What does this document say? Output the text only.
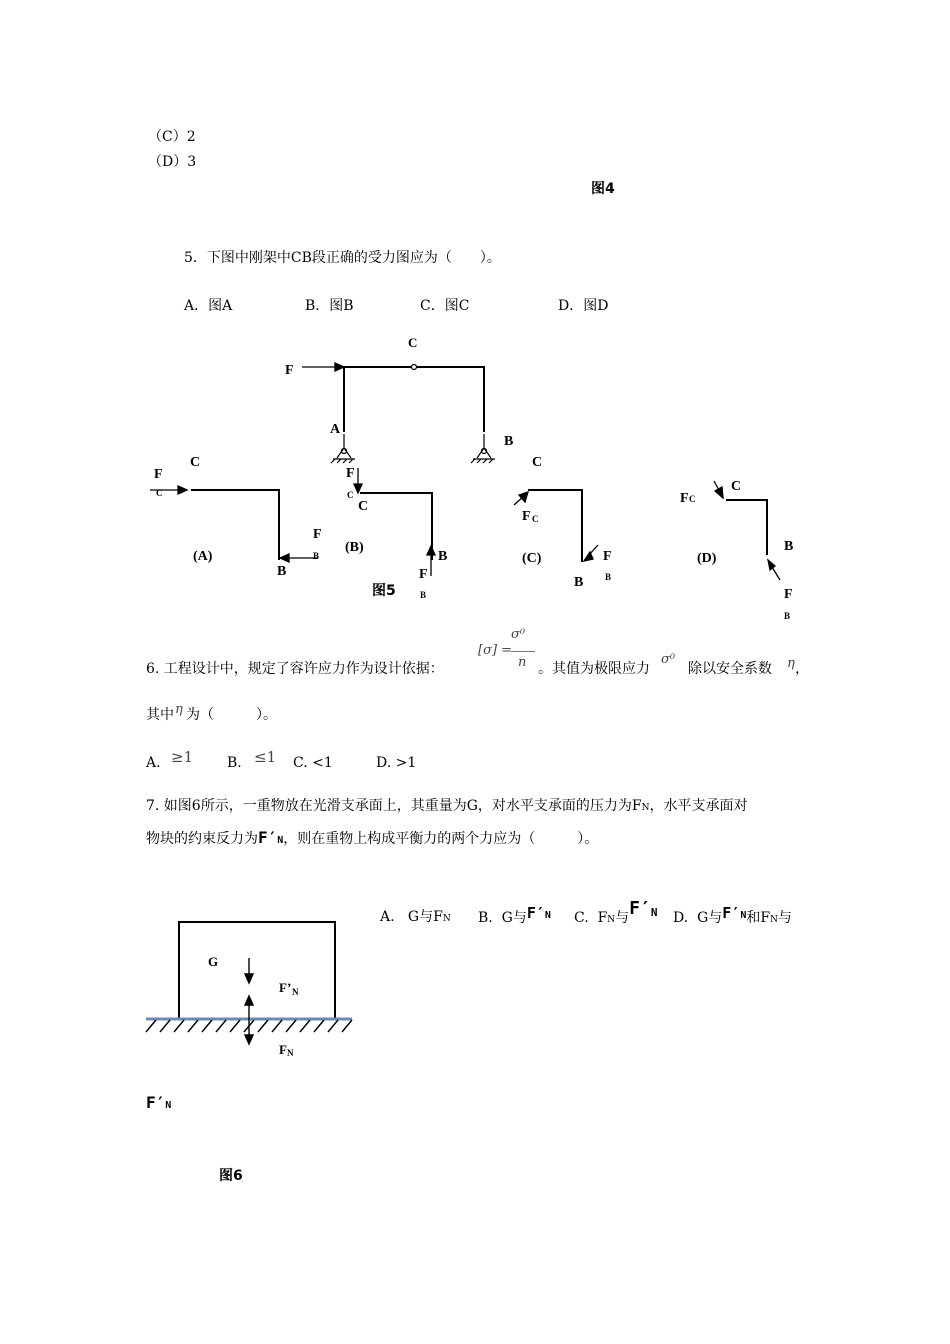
（C）2
（D）3
图4
5．下图中刚架中CB段正确的受力图应为（　　）。
A．图A	B．图B	C．图C	D．图D
F
C
A
B
F
C
C
F
B
B
(A)
F
C
C
(B)
B
F
B
C
F C
(C)	F
B
B
F C
C
B
(D)
F
B
G
F’ N
F N
图5
6. 工程设计中，规定了容许应力作为设计依据：
σ⁰
[σ] =
n 。其值为极限应力
σ⁰
除以安全系数 η ，
其中 η 为（　　　）。
A. ≥1 B. ≤1 C. <1	D. >1
7. 如图6所示，一重物放在光滑支承面上，其重量为G，对水平支承面的压力为FN，水平支承面对
物块的约束反力为F′N，则在重物上构成平衡力的两个力应为（　　　）。
A. G与FN B. G与$F'^N$ C. FN与$F'^N$ D. G与$F'^N$和FN与
F′N
图6
